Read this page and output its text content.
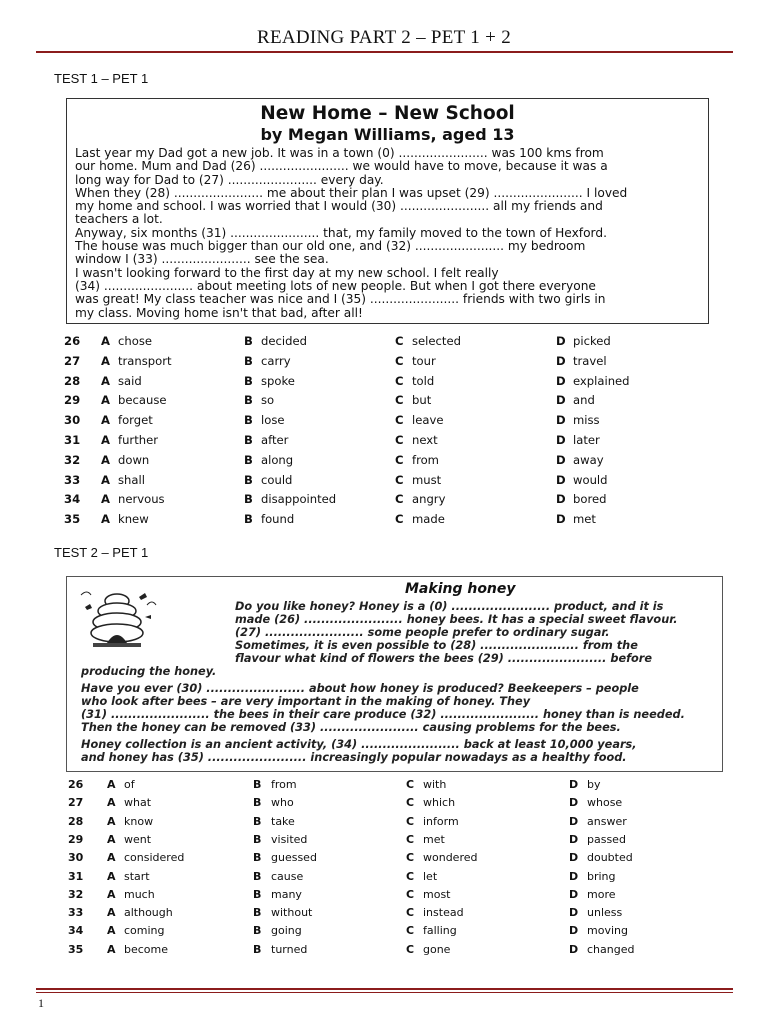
READING PART 2 – PET 1 + 2
TEST 1 – PET 1
New Home – New School
by Megan Williams, aged 13
Last year my Dad got a new job. It was in a town (0) ....................... was 100 kms from
our home. Mum and Dad (26) ....................... we would have to move, because it was a
long way for Dad to (27) ....................... every day.
When they (28) ....................... me about their plan I was upset (29) ....................... I loved
my home and school. I was worried that I would (30) ....................... all my friends and
teachers a lot.
Anyway, six months (31) ....................... that, my family moved to the town of Hexford.
The house was much bigger than our old one, and (32) ....................... my bedroom
window I (33) ....................... see the sea.
I wasn't looking forward to the first day at my new school. I felt really
(34) ....................... about meeting lots of new people. But when I got there everyone
was great! My class teacher was nice and I (35) ....................... friends with two girls in
my class. Moving home isn't that bad, after all!
26 A chose	B decided	C selected	D picked
27 A transport	B carry	C tour	D travel
28 A said	B spoke	C told	D explained
29 A because	B so	C but	D and
30 A forget	B lose	C leave	D miss
31 A further	B after	C next	D later
32 A down	B along	C from	D away
33 A shall	B could	C must	D would
34 A nervous	B disappointed	C angry	D bored
35 A knew	B found	C made	D met
TEST 2 – PET 1
Making honey
Do you like honey? Honey is a (0) ....................... product, and it is
made (26) ....................... honey bees. It has a special sweet flavour.
(27) ....................... some people prefer to ordinary sugar.
Sometimes, it is even possible to (28) ....................... from the
flavour what kind of flowers the bees (29) ....................... before
producing the honey.
Have you ever (30) ....................... about how honey is produced? Beekeepers – people
who look after bees – are very important in the making of honey. They
(31) ....................... the bees in their care produce (32) ....................... honey than is needed.
Then the honey can be removed (33) ....................... causing problems for the bees.
Honey collection is an ancient activity, (34) ....................... back at least 10,000 years,
and honey has (35) ....................... increasingly popular nowadays as a healthy food.
26 A of	B from	C with	D by
27 A what	B who	C which	D whose
28 A know	B take	C inform	D answer
29 A went	B visited	C met	D passed
30 A considered	B guessed	C wondered	D doubted
31 A start	B cause	C let	D bring
32 A much	B many	C most	D more
33 A although	B without	C instead	D unless
34 A coming	B going	C falling	D moving
35 A become	B turned	C gone	D changed
1
